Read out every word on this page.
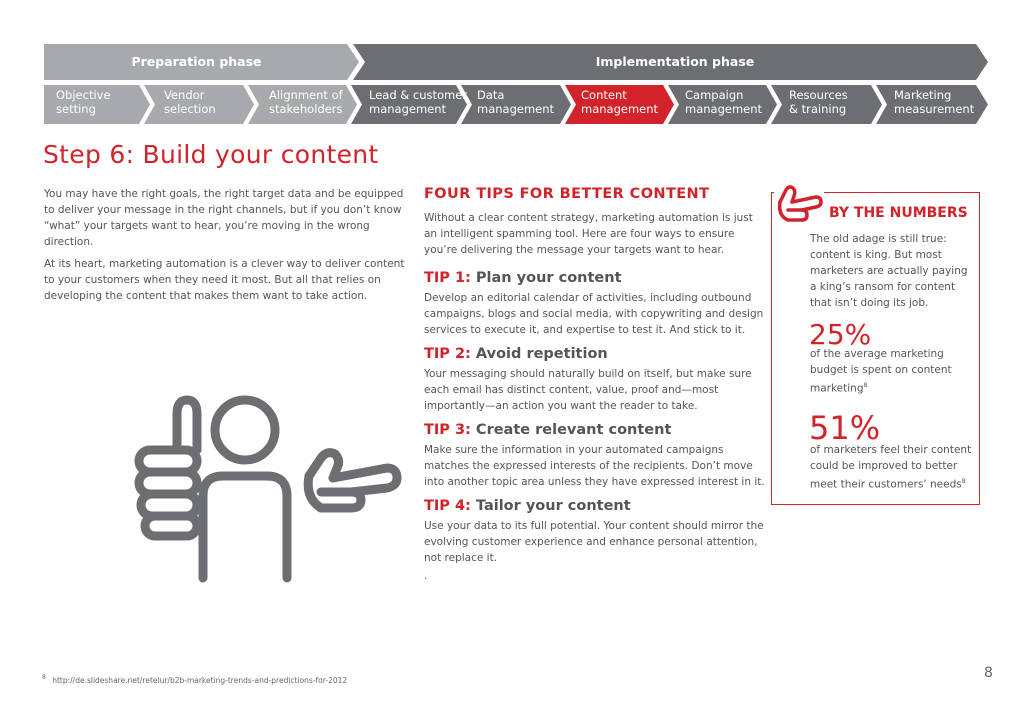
Preparation phase	Implementation phase
Objective
setting
Vendor
selection
Alignment of
stakeholders
Lead & customer
management
Data
management
Content
management
Campaign
management
Resources
& training
Marketing
measurement
Step 6: Build your content
You may have the right goals, the right target data and be equipped to deliver your message in the right channels, but if you don’t know “what” your targets want to hear, you’re moving in the wrong direction.
At its heart, marketing automation is a clever way to deliver content to your customers when they need it most. But all that relies on developing the content that makes them want to take action.
FOUR TIPS FOR BETTER CONTENT
Without a clear content strategy, marketing automation is just an intelligent spamming tool. Here are four ways to ensure you’re delivering the message your targets want to hear.
TIP 1: Plan your content
Develop an editorial calendar of activities, including outbound campaigns, blogs and social media, with copywriting and design services to execute it, and expertise to test it. And stick to it.
TIP 2: Avoid repetition
Your messaging should naturally build on itself, but make sure each email has distinct content, value, proof and—most importantly—an action you want the reader to take.
TIP 3: Create relevant content
Make sure the information in your automated campaigns matches the expressed interests of the recipients. Don’t move into another topic area unless they have expressed interest in it.
TIP 4: Tailor your content
Use your data to its full potential. Your content should mirror the evolving customer experience and enhance personal attention, not replace it.
.
BY THE NUMBERS
The old adage is still true: content is king. But most marketers are actually paying a king’s ransom for content that isn’t doing its job.
25%
of the average marketing budget is spent on content marketing$^8$
51%
of marketers feel their content could be improved to better meet their customers’ needs$^8$
$^8$ http://de.slideshare.net/retelur/b2b-marketing-trends-and-predictions-for-2012	8
